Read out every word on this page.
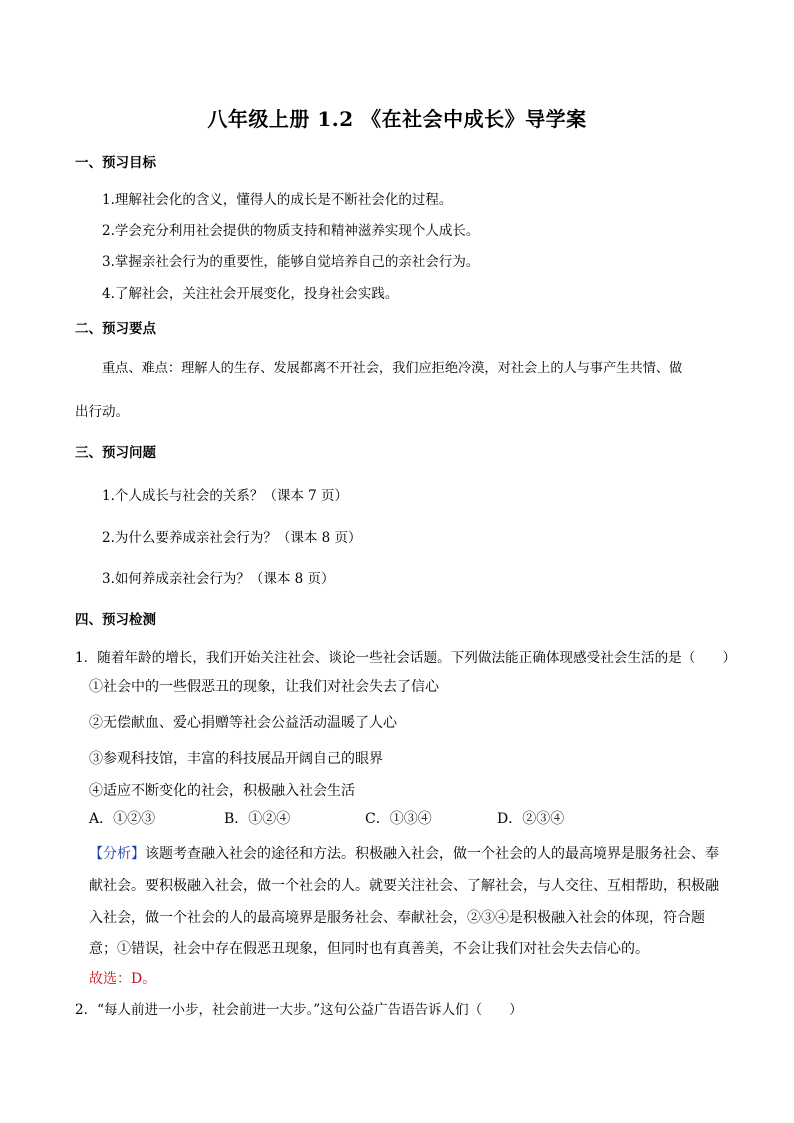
八年级上册 1.2 《在社会中成长》导学案
一、预习目标
1.理解社会化的含义，懂得人的成长是不断社会化的过程。
2.学会充分利用社会提供的物质支持和精神滋养实现个人成长。
3.掌握亲社会行为的重要性，能够自觉培养自己的亲社会行为。
4.了解社会，关注社会开展变化，投身社会实践。
二、预习要点
重点、难点：理解人的生存、发展都离不开社会，我们应拒绝冷漠，对社会上的人与事产生共情、做
出行动。
三、预习问题
1.个人成长与社会的关系？（课本 7 页）
2.为什么要养成亲社会行为？（课本 8 页）
3.如何养成亲社会行为？（课本 8 页）
四、预习检测
1．随着年龄的增长，我们开始关注社会、谈论一些社会话题。下列做法能正确体现感受社会生活的是（　　）
①社会中的一些假恶丑的现象，让我们对社会失去了信心
②无偿献血、爱心捐赠等社会公益活动温暖了人心
③参观科技馆，丰富的科技展品开阔自己的眼界
④适应不断变化的社会，积极融入社会生活
A．①②③	B．①②④	C．①③④	D．②③④
【分析】该题考查融入社会的途径和方法。积极融入社会，做一个社会的人的最高境界是服务社会、奉
献社会。要积极融入社会，做一个社会的人。就要关注社会、了解社会，与人交往、互相帮助，积极融
入社会，做一个社会的人的最高境界是服务社会、奉献社会，②③④是积极融入社会的体现，符合题
意；①错误，社会中存在假恶丑现象，但同时也有真善美，不会让我们对社会失去信心的。
故选：D。
2．“每人前进一小步，社会前进一大步。”这句公益广告语告诉人们（　　）
